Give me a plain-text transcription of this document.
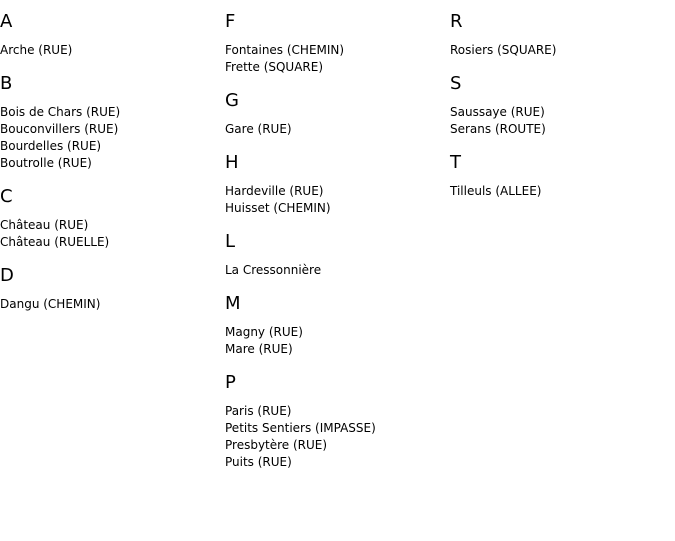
A
Arche (RUE)
B
Bois de Chars (RUE)
Bouconvillers (RUE)
Bourdelles (RUE)
Boutrolle (RUE)
C
Château (RUE)
Château (RUELLE)
D
Dangu (CHEMIN)
F
Fontaines (CHEMIN)
Frette (SQUARE)
G
Gare (RUE)
H
Hardeville (RUE)
Huisset (CHEMIN)
L
La Cressonnière
M
Magny (RUE)
Mare (RUE)
P
Paris (RUE)
Petits Sentiers (IMPASSE)
Presbytère (RUE)
Puits (RUE)
R
Rosiers (SQUARE)
S
Saussaye (RUE)
Serans (ROUTE)
T
Tilleuls (ALLEE)
